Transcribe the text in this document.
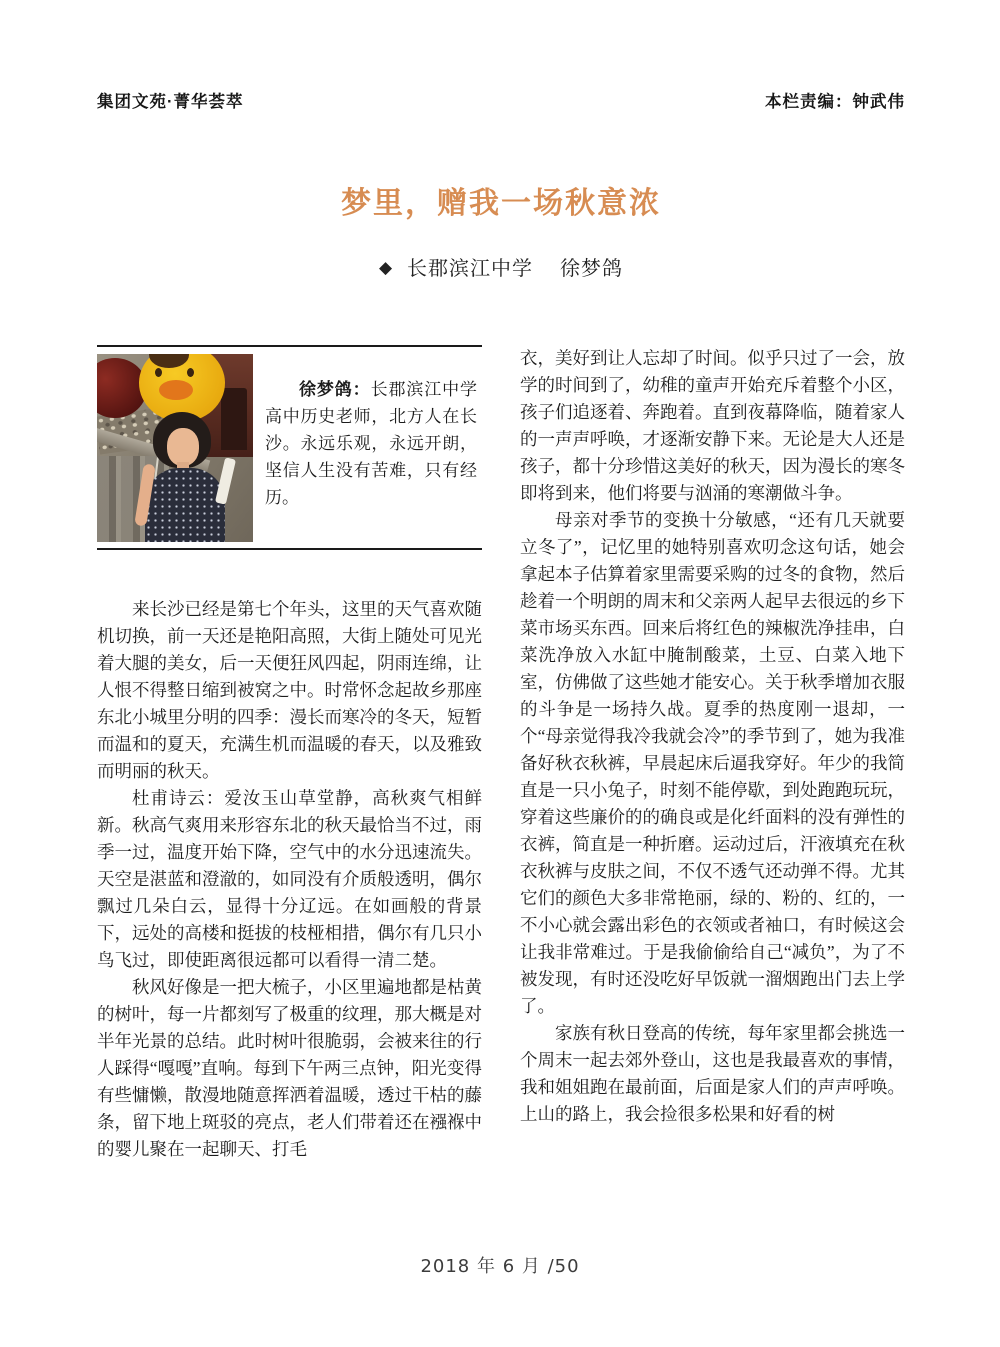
集团文苑·菁华荟萃	本栏责编：钟武伟
梦里，赠我一场秋意浓
◆ 长郡滨江中学　 徐梦鸽

徐梦鸽：长郡滨江中学高中历史老师，北方人在长沙。永远乐观，永远开朗，坚信人生没有苦难，只有经历。

来长沙已经是第七个年头，这里的天气喜欢随机切换，前一天还是艳阳高照，大街上随处可见光着大腿的美女，后一天便狂风四起，阴雨连绵，让人恨不得整日缩到被窝之中。时常怀念起故乡那座东北小城里分明的四季：漫长而寒冷的冬天，短暂而温和的夏天，充满生机而温暖的春天，以及雅致而明丽的秋天。

杜甫诗云：爱汝玉山草堂静，高秋爽气相鲜新。秋高气爽用来形容东北的秋天最恰当不过，雨季一过，温度开始下降，空气中的水分迅速流失。天空是湛蓝和澄澈的，如同没有介质般透明，偶尔飘过几朵白云，显得十分辽远。在如画般的背景下，远处的高楼和挺拔的枝桠相措，偶尔有几只小鸟飞过，即使距离很远都可以看得一清二楚。

秋风好像是一把大梳子，小区里遍地都是枯黄的树叶，每一片都刻写了极重的纹理，那大概是对半年光景的总结。此时树叶很脆弱，会被来往的行人踩得“嘎嘎”直响。每到下午两三点钟，阳光变得有些慵懒，散漫地随意挥洒着温暖，透过干枯的藤条，留下地上斑驳的亮点，老人们带着还在襁褓中的婴儿聚在一起聊天、打毛

衣，美好到让人忘却了时间。似乎只过了一会，放学的时间到了，幼稚的童声开始充斥着整个小区，孩子们追逐着、奔跑着。直到夜幕降临，随着家人的一声声呼唤，才逐渐安静下来。无论是大人还是孩子，都十分珍惜这美好的秋天，因为漫长的寒冬即将到来，他们将要与汹涌的寒潮做斗争。

母亲对季节的变换十分敏感，“还有几天就要立冬了”，记忆里的她特别喜欢叨念这句话，她会拿起本子估算着家里需要采购的过冬的食物，然后趁着一个明朗的周末和父亲两人起早去很远的乡下菜市场买东西。回来后将红色的辣椒洗净挂串，白菜洗净放入水缸中腌制酸菜，土豆、白菜入地下室，仿佛做了这些她才能安心。关于秋季增加衣服的斗争是一场持久战。夏季的热度刚一退却，一个“母亲觉得我冷我就会冷”的季节到了，她为我准备好秋衣秋裤，早晨起床后逼我穿好。年少的我简直是一只小兔子，时刻不能停歇，到处跑跑玩玩，穿着这些廉价的的确良或是化纤面料的没有弹性的衣裤，简直是一种折磨。运动过后，汗液填充在秋衣秋裤与皮肤之间，不仅不透气还动弹不得。尤其它们的颜色大多非常艳丽，绿的、粉的、红的，一不小心就会露出彩色的衣领或者袖口，有时候这会让我非常难过。于是我偷偷给自己“减负”，为了不被发现，有时还没吃好早饭就一溜烟跑出门去上学了。

家族有秋日登高的传统，每年家里都会挑选一个周末一起去郊外登山，这也是我最喜欢的事情，我和姐姐跑在最前面，后面是家人们的声声呼唤。上山的路上，我会捡很多松果和好看的树

2018 年 6 月 /50
